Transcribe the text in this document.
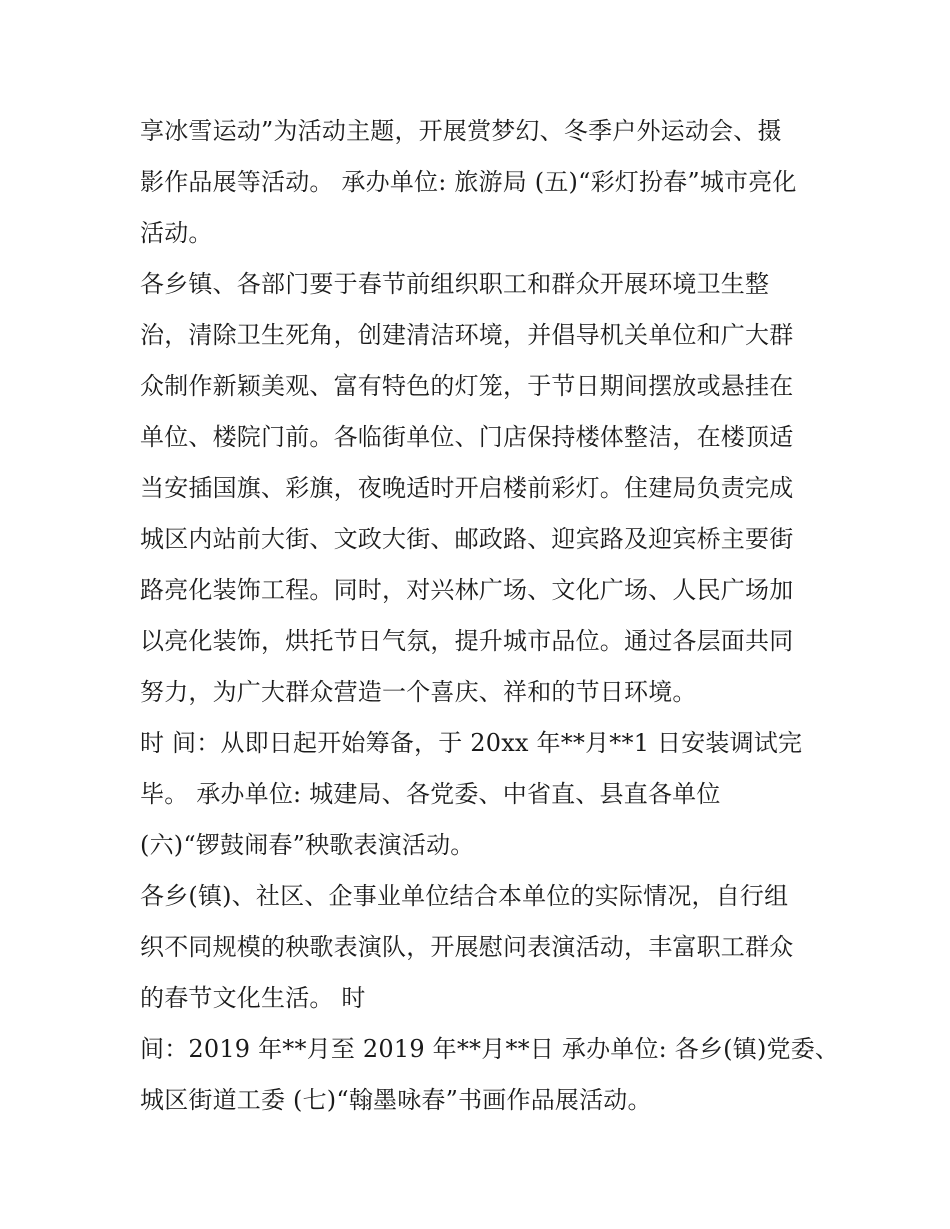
享冰雪运动”为活动主题，开展赏梦幻、冬季户外运动会、摄
影作品展等活动。 承办单位: 旅游局 (五)“彩灯扮春”城市亮化
活动。
各乡镇、各部门要于春节前组织职工和群众开展环境卫生整
治，清除卫生死角，创建清洁环境，并倡导机关单位和广大群
众制作新颖美观、富有特色的灯笼，于节日期间摆放或悬挂在
单位、楼院门前。各临街单位、门店保持楼体整洁，在楼顶适
当安插国旗、彩旗，夜晚适时开启楼前彩灯。住建局负责完成
城区内站前大街、文政大街、邮政路、迎宾路及迎宾桥主要街
路亮化装饰工程。同时，对兴林广场、文化广场、人民广场加
以亮化装饰，烘托节日气氛，提升城市品位。通过各层面共同
努力，为广大群众营造一个喜庆、祥和的节日环境。
时 间：从即日起开始筹备，于 20xx 年**月**1 日安装调试完
毕。 承办单位: 城建局、各党委、中省直、县直各单位
(六)“锣鼓闹春”秧歌表演活动。
各乡(镇)、社区、企事业单位结合本单位的实际情况，自行组
织不同规模的秧歌表演队，开展慰问表演活动，丰富职工群众
的春节文化生活。 时
间：2019 年**月至 2019 年**月**日 承办单位: 各乡(镇)党委、
城区街道工委 (七)“翰墨咏春”书画作品展活动。
